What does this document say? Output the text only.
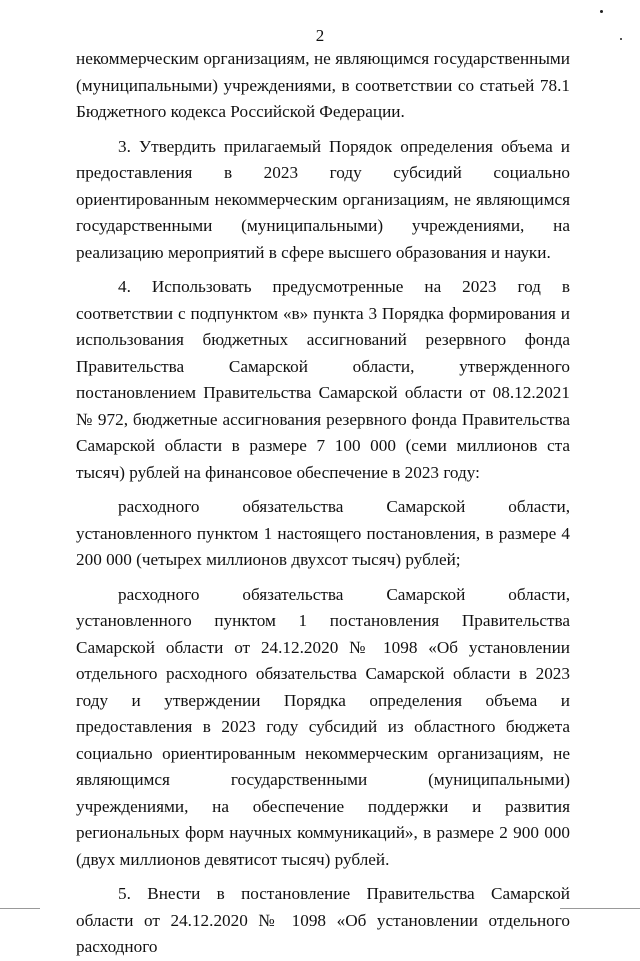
2

некоммерческим организациям, не являющимся государственными (муниципальными) учреждениями, в соответствии со статьей 78.1 Бюджетного кодекса Российской Федерации.

3. Утвердить прилагаемый Порядок определения объема и предоставления в 2023 году субсидий социально ориентированным некоммерческим организациям, не являющимся государственными (муниципальными) учреждениями, на реализацию мероприятий в сфере высшего образования и науки.

4. Использовать предусмотренные на 2023 год в соответствии с подпунктом «в» пункта 3 Порядка формирования и использования бюджетных ассигнований резервного фонда Правительства Самарской области, утвержденного постановлением Правительства Самарской области от 08.12.2021 № 972, бюджетные ассигнования резервного фонда Правительства Самарской области в размере 7 100 000 (семи миллионов ста тысяч) рублей на финансовое обеспечение в 2023 году:

расходного обязательства Самарской области, установленного пунктом 1 настоящего постановления, в размере 4 200 000 (четырех миллионов двухсот тысяч) рублей;

расходного обязательства Самарской области, установленного пунктом 1 постановления Правительства Самарской области от 24.12.2020 № 1098 «Об установлении отдельного расходного обязательства Самарской области в 2023 году и утверждении Порядка определения объема и предоставления в 2023 году субсидий из областного бюджета социально ориентированным некоммерческим организациям, не являющимся государственными (муниципальными) учреждениями, на обеспечение поддержки и развития региональных форм научных коммуникаций», в размере 2 900 000 (двух миллионов девятисот тысяч) рублей.

5. Внести в постановление Правительства Самарской области от 24.12.2020 № 1098 «Об установлении отдельного расходного
